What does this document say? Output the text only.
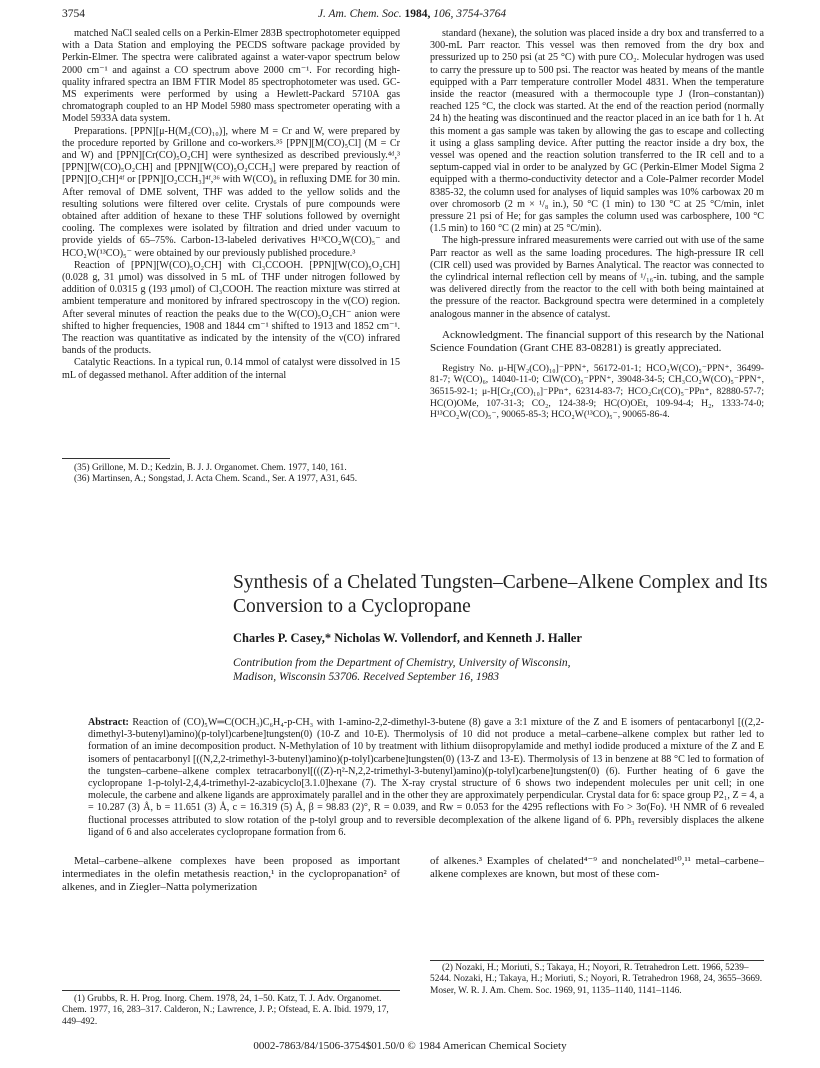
3754	J. Am. Chem. Soc. 1984, 106, 3754-3764

matched NaCl sealed cells on a Perkin-Elmer 283B spectrophotometer equipped with a Data Station and employing the PECDS software package provided by Perkin-Elmer. The spectra were calibrated against a water-vapor spectrum below 2000 cm⁻¹ and against a CO spectrum above 2000 cm⁻¹. For recording high-quality infrared spectra an IBM FTIR Model 85 spectrophotometer was used. GC-MS experiments were performed by using a Hewlett-Packard 5710A gas chromatograph coupled to an HP Model 5980 mass spectrometer operating with a Model 5933A data system.

Preparations. [PPN][μ-H(M₂(CO)₁₀)], where M = Cr and W, were prepared by the procedure reported by Grillone and co-workers.³⁵ [PPN][M(CO)₅Cl] (M = Cr and W) and [PPN][Cr(CO)₅O₂CH] were synthesized as described previously.⁴ᵈ,³ [PPN][W(CO)₅O₂CH] and [PPN][W(CO)₅O₂CCH₃] were prepared by reaction of [PPN][O₂CH]⁴ᶠ or [PPN][O₂CCH₃]⁴ᶠ,³⁶ with W(CO)₆ in refluxing DME for 30 min. After removal of DME solvent, THF was added to the yellow solids and the resulting solutions were filtered over celite. Crystals of pure compounds were obtained after addition of hexane to these THF solutions followed by overnight cooling. The complexes were isolated by filtration and dried under vacuum to provide yields of 65–75%. Carbon-13-labeled derivatives H¹³CO₂W(CO)₅⁻ and HCO₂W(¹³CO)₅⁻ were obtained by our previously published procedure.³

Reaction of [PPN][W(CO)₅O₂CH] with Cl₃CCOOH. [PPN][W(CO)₅O₂CH] (0.028 g, 31 μmol) was dissolved in 5 mL of THF under nitrogen followed by addition of 0.0315 g (193 μmol) of Cl₃COOH. The reaction mixture was stirred at ambient temperature and monitored by infrared spectroscopy in the ν(CO) region. After several minutes of reaction the peaks due to the W(CO)₅O₂CH⁻ anion were shifted to higher frequencies, 1908 and 1844 cm⁻¹ shifted to 1913 and 1852 cm⁻¹. The reaction was quantitative as indicated by the intensity of the ν(CO) infrared bands of the products.

Catalytic Reactions. In a typical run, 0.14 mmol of catalyst were dissolved in 15 mL of degassed methanol. After addition of the internal

standard (hexane), the solution was placed inside a dry box and transferred to a 300-mL Parr reactor. This vessel was then removed from the dry box and pressurized up to 250 psi (at 25 °C) with pure CO₂. Molecular hydrogen was used to carry the pressure up to 500 psi. The reactor was heated by means of the mantle equipped with a Parr temperature controller Model 4831. When the temperature inside the reactor (measured with a thermocouple type J (Iron–constantan)) reached 125 °C, the clock was started. At the end of the reaction period (normally 24 h) the heating was discontinued and the reactor placed in an ice bath for 1 h. At this moment a gas sample was taken by allowing the gas to escape and collecting it using a glass sampling device. After putting the reactor inside a dry box, the vessel was opened and the reaction solution transferred to the IR cell and to a septum-capped vial in order to be analyzed by GC (Perkin-Elmer Model Sigma 2 equipped with a thermo-conductivity detector and a Cole-Palmer recorder Model 8385-32, the column used for analyses of liquid samples was 10% carbowax 20 m over chromosorb (2 m × ¹/₈ in.), 50 °C (1 min) to 130 °C at 25 °C/min, inlet pressure 21 psi of He; for gas samples the column used was carbosphere, 100 °C (1.5 min) to 160 °C (2 min) at 25 °C/min).

The high-pressure infrared measurements were carried out with use of the same Parr reactor as well as the same loading procedures. The high-pressure IR cell (CIR cell) used was provided by Barnes Analytical. The reactor was connected to the cylindrical internal reflection cell by means of ¹/₁₆-in. tubing, and the sample was delivered directly from the reactor to the cell with both being maintained at the pressure of the reactor. Background spectra were determined in a completely analogous manner in the absence of catalyst.

Acknowledgment. The financial support of this research by the National Science Foundation (Grant CHE 83-08281) is greatly appreciated.

Registry No. μ-H[W₂(CO)₁₀]⁻PPN⁺, 56172-01-1; HCO₂W(CO)₅⁻PPN⁺, 36499-81-7; W(CO)₆, 14040-11-0; ClW(CO)₅⁻PPN⁺, 39048-34-5; CH₃CO₂W(CO)₅⁻PPN⁺, 36515-92-1; μ-H[Cr₂(CO)₁₀]⁻PPn⁺, 62314-83-7; HCO₂Cr(CO)₅⁻PPn⁺, 82880-57-7; HC(O)OMe, 107-31-3; CO₂, 124-38-9; HC(O)OEt, 109-94-4; H₂, 1333-74-0; H¹³CO₂W(CO)₅⁻, 90065-85-3; HCO₂W(¹³CO)₅⁻, 90065-86-4.

(35) Grillone, M. D.; Kedzin, B. J. J. Organomet. Chem. 1977, 140, 161.

(36) Martinsen, A.; Songstad, J. Acta Chem. Scand., Ser. A 1977, A31, 645.

Synthesis of a Chelated Tungsten–Carbene–Alkene Complex and Its Conversion to a Cyclopropane
Charles P. Casey,* Nicholas W. Vollendorf, and Kenneth J. Haller
Contribution from the Department of Chemistry, University of Wisconsin,
Madison, Wisconsin 53706. Received September 16, 1983
Abstract: Reaction of (CO)₅W═C(OCH₃)C₆H₄-p-CH₃ with 1-amino-2,2-dimethyl-3-butene (8) gave a 3:1 mixture of the Z and E isomers of pentacarbonyl [((2,2-dimethyl-3-butenyl)amino)(p-tolyl)carbene]tungsten(0) (10-Z and 10-E). Thermolysis of 10 did not produce a metal–carbene–alkene complex but rather led to formation of an imine decomposition product. N-Methylation of 10 by treatment with lithium diisopropylamide and methyl iodide produced a mixture of the Z and E isomers of pentacarbonyl [((N,2,2-trimethyl-3-butenyl)amino)(p-tolyl)carbene]tungsten(0) (13-Z and 13-E). Thermolysis of 13 in benzene at 88 °C led to formation of the tungsten–carbene–alkene complex tetracarbonyl[(((Z)-η²-N,2,2-trimethyl-3-butenyl)amino)(p-tolyl)carbene]tungsten(0) (6). Further heating of 6 gave the cyclopropane 1-p-tolyl-2,4,4-trimethyl-2-azabicyclo[3.1.0]hexane (7). The X-ray crystal structure of 6 shows two independent molecules per unit cell; in one molecule, the carbene and alkene ligands are approximately parallel and in the other they are approximately perpendicular. Crystal data for 6: space group P2₁, Z = 4, a = 10.287 (3) Å, b = 11.651 (3) Å, c = 16.319 (5) Å, β = 98.83 (2)°, R = 0.039, and Rw = 0.053 for the 4295 reflections with Fo > 3σ(Fo). ¹H NMR of 6 revealed fluctional processes attributed to slow rotation of the p-tolyl group and to reversible decomplexation of the alkene ligand of 6. PPh₃ reversibly displaces the alkene ligand of 6 and also accelerates cyclopropane formation from 6.

Metal–carbene–alkene complexes have been proposed as important intermediates in the olefin metathesis reaction,¹ in the cyclopropanation² of alkenes, and in Ziegler–Natta polymerization

of alkenes.³ Examples of chelated⁴⁻⁹ and nonchelated¹⁰,¹¹ metal–carbene–alkene complexes are known, but most of these com-

(1) Grubbs, R. H. Prog. Inorg. Chem. 1978, 24, 1–50. Katz, T. J. Adv. Organomet. Chem. 1977, 16, 283–317. Calderon, N.; Lawrence, J. P.; Ofstead, E. A. Ibid. 1979, 17, 449–492.

(2) Nozaki, H.; Moriuti, S.; Takaya, H.; Noyori, R. Tetrahedron Lett. 1966, 5239–5244. Nozaki, H.; Takaya, H.; Moriuti, S.; Noyori, R. Tetrahedron 1968, 24, 3655–3669. Moser, W. R. J. Am. Chem. Soc. 1969, 91, 1135–1140, 1141–1146.

0002-7863/84/1506-3754$01.50/0 © 1984 American Chemical Society
